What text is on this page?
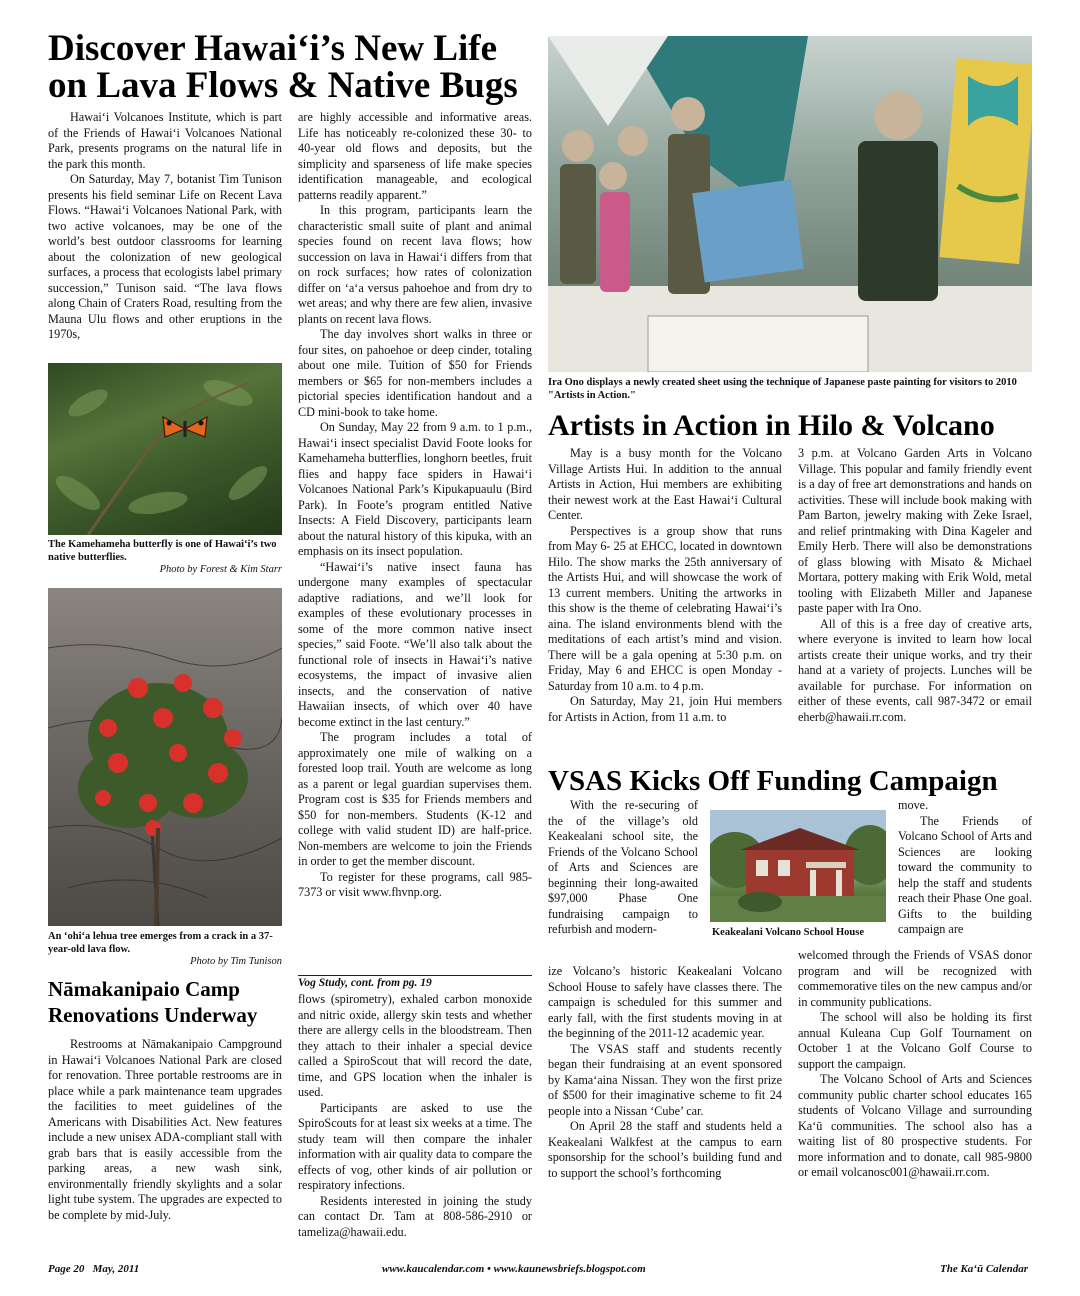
Discover Hawai‘i’s New Life on Lava Flows & Native Bugs

Hawai‘i Volcanoes Institute, which is part of the Friends of Hawai‘i Volcanoes National Park, presents programs on the natural life in the park this month.

On Saturday, May 7, botanist Tim Tunison presents his field seminar Life on Recent Lava Flows. “Hawai‘i Volcanoes National Park, with two active volcanoes, may be one of the world’s best outdoor classrooms for learning about the colonization of new geological surfaces, a process that ecologists label primary succession,” Tunison said. “The lava flows along Chain of Craters Road, resulting from the Mauna Ulu flows and other eruptions in the 1970s,

The Kamehameha butterfly is one of Hawai‘i’s two native butterflies.

Photo by Forest & Kim Starr

An ‘ohi‘a lehua tree emerges from a crack in a 37-year-old lava flow.

Photo by Tim Tunison

Nāmakanipaio Camp Renovations Underway

Restrooms at Nāmakanipaio Campground in Hawai‘i Volcanoes National Park are closed for renovation. Three portable restrooms are in place while a park maintenance team upgrades the facilities to meet guidelines of the Americans with Disabilities Act. New features include a new unisex ADA-compliant stall with grab bars that is easily accessible from the parking areas, a new wash sink, environmentally friendly skylights and a solar light tube system. The upgrades are expected to be complete by mid-July.

are highly accessible and informative areas. Life has noticeably re-colonized these 30- to 40-year old flows and deposits, but the simplicity and sparseness of life make species identification manageable, and ecological patterns readily apparent.”

In this program, participants learn the characteristic small suite of plant and animal species found on recent lava flows; how succession on lava in Hawai‘i differs from that on rock surfaces; how rates of colonization differ on ‘a‘a versus pahoehoe and from dry to wet areas; and why there are few alien, invasive plants on recent lava flows.

The day involves short walks in three or four sites, on pahoehoe or deep cinder, totaling about one mile. Tuition of $50 for Friends members or $65 for non-members includes a pictorial species identification handout and a CD mini-book to take home.

On Sunday, May 22 from 9 a.m. to 1 p.m., Hawai‘i insect specialist David Foote looks for Kamehameha butterflies, longhorn beetles, fruit flies and happy face spiders in Hawai‘i Volcanoes National Park’s Kipukapuaulu (Bird Park). In Foote’s program entitled Native Insects: A Field Discovery, participants learn about the natural history of this kipuka, with an emphasis on its insect population.

“Hawai‘i’s native insect fauna has undergone many examples of spectacular adaptive radiations, and we’ll look for examples of these evolutionary processes in some of the more common native insect species,” said Foote. “We’ll also talk about the functional role of insects in Hawai‘i’s native ecosystems, the impact of invasive alien insects, and the conservation of native Hawaiian insects, of which over 40 have become extinct in the last century.”

The program includes a total of approximately one mile of walking on a forested loop trail. Youth are welcome as long as a parent or legal guardian supervises them. Program cost is $35 for Friends members and $50 for non-members. Students (K-12 and college with valid student ID) are half-price. Non-members are welcome to join the Friends in order to get the member discount.

To register for these programs, call 985-7373 or visit www.fhvnp.org.

Vog Study, cont. from pg. 19

flows (spirometry), exhaled carbon monoxide and nitric oxide, allergy skin tests and whether there are allergy cells in the bloodstream. Then they attach to their inhaler a special device called a SpiroScout that will record the date, time, and GPS location when the inhaler is used.

Participants are asked to use the SpiroScouts for at least six weeks at a time. The study team will then compare the inhaler information with air quality data to compare the effects of vog, other kinds of air pollution or respiratory infections.

Residents interested in joining the study can contact Dr. Tam at 808-586-2910 or tameliza@hawaii.edu.

Ira Ono displays a newly created sheet using the technique of Japanese paste painting for visitors to 2010 "Artists in Action."

Artists in Action in Hilo & Volcano

May is a busy month for the Volcano Village Artists Hui. In addition to the annual Artists in Action, Hui members are exhibiting their newest work at the East Hawai‘i Cultural Center.

Perspectives is a group show that runs from May 6- 25 at EHCC, located in downtown Hilo. The show marks the 25th anniversary of the Artists Hui, and will showcase the work of 13 current members. Uniting the artworks in this show is the theme of celebrating Hawai‘i’s aina. The island environments blend with the meditations of each artist’s mind and vision. There will be a gala opening at 5:30 p.m. on Friday, May 6 and EHCC is open Monday - Saturday from 10 a.m. to 4 p.m.

On Saturday, May 21, join Hui members for Artists in Action, from 11 a.m. to

3 p.m. at Volcano Garden Arts in Volcano Village. This popular and family friendly event is a day of free art demonstrations and hands on activities. These will include book making with Pam Barton, jewelry making with Zeke Israel, and relief printmaking with Dina Kageler and Emily Herb. There will also be demonstrations of glass blowing with Misato & Michael Mortara, pottery making with Erik Wold, metal tooling with Elizabeth Miller and Japanese paste paper with Ira Ono.

All of this is a free day of creative arts, where everyone is invited to learn how local artists create their unique works, and try their hand at a variety of projects. Lunches will be available for purchase. For information on either of these events, call 987-3472 or email eherb@hawaii.rr.com.

VSAS Kicks Off Funding Campaign

With the re-securing of the of the village’s old Keakealani school site, the Friends of the Volcano School of Arts and Sciences are beginning their long-awaited $97,000 Phase One fundraising campaign to refurbish and modern-	Keakealani Volcano School House

move.

The Friends of Volcano School of Arts and Sciences are looking toward the community to help the staff and students reach their Phase One goal. Gifts to the building campaign are

ize Volcano’s historic Keakealani Volcano School House to safely have classes there. The campaign is scheduled for this summer and early fall, with the first students moving in at the beginning of the 2011-12 academic year.

The VSAS staff and students recently began their fundraising at an event sponsored by Kama‘aina Nissan. They won the first prize of $500 for their imaginative scheme to fit 24 people into a Nissan ‘Cube’ car.

On April 28 the staff and students held a Keakealani Walkfest at the campus to earn sponsorship for the school’s building fund and to support the school’s forthcoming

welcomed through the Friends of VSAS donor program and will be recognized with commemorative tiles on the new campus and/or in community publications.

The school will also be holding its first annual Kuleana Cup Golf Tournament on October 1 at the Volcano Golf Course to support the campaign.

The Volcano School of Arts and Sciences community public charter school educates 165 students of Volcano Village and surrounding Ka‘ū communities. The school also has a waiting list of 80 prospective students. For more information and to donate, call 985-9800 or email volcanosc001@hawaii.rr.com.

Page 20 May, 2011	www.kaucalendar.com • www.kaunewsbriefs.blogspot.com	The Ka‘ū Calendar
